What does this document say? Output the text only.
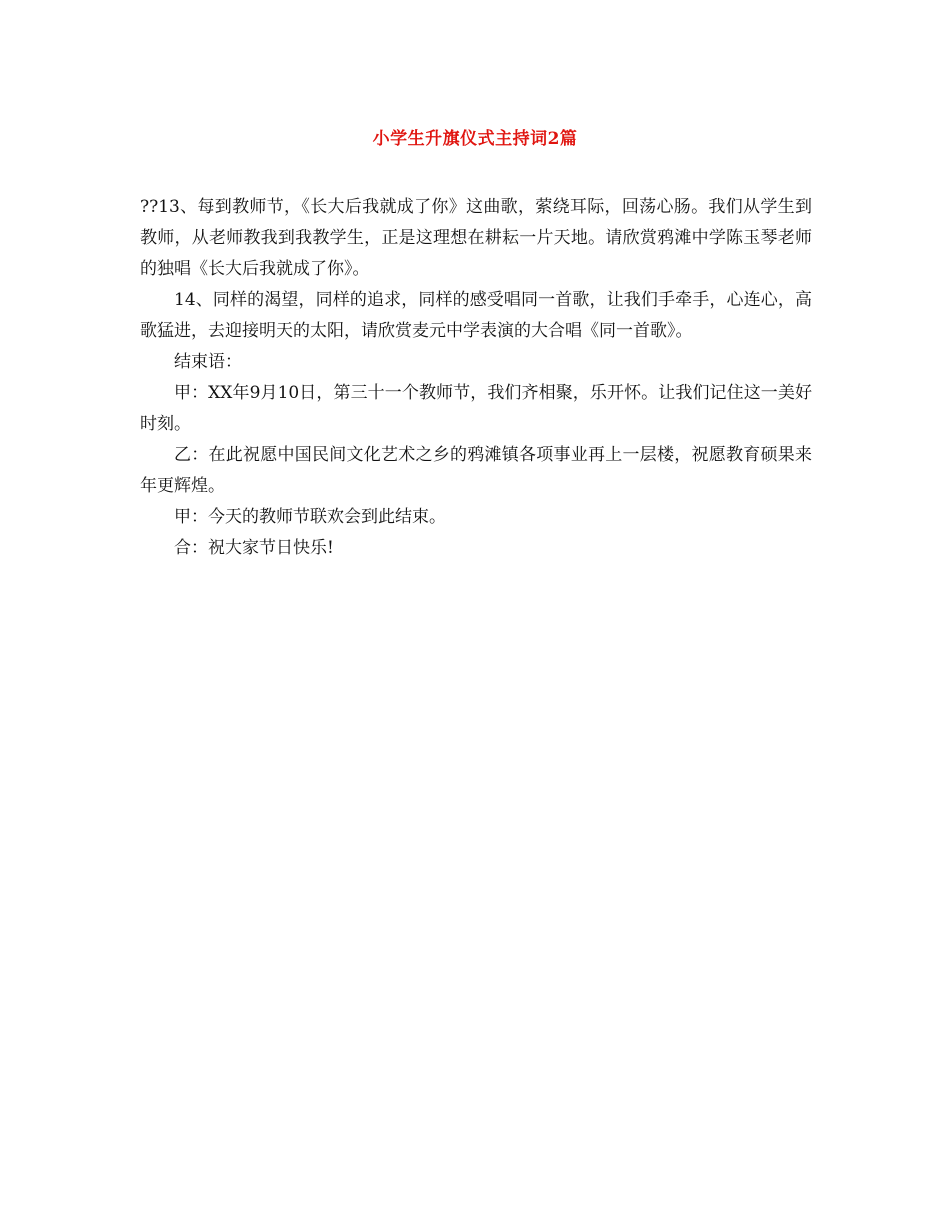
小学生升旗仪式主持词2篇

??13、每到教师节，《长大后我就成了你》这曲歌，萦绕耳际，回荡心肠。我们从学生到教师，从老师教我到我教学生，正是这理想在耕耘一片天地。请欣赏鸦滩中学陈玉琴老师的独唱《长大后我就成了你》。

14、同样的渴望，同样的追求，同样的感受唱同一首歌，让我们手牵手，心连心，高歌猛进，去迎接明天的太阳，请欣赏麦元中学表演的大合唱《同一首歌》。

结束语：

甲：XX年9月10日，第三十一个教师节，我们齐相聚，乐开怀。让我们记住这一美好时刻。

乙：在此祝愿中国民间文化艺术之乡的鸦滩镇各项事业再上一层楼，祝愿教育硕果来年更辉煌。

甲：今天的教师节联欢会到此结束。

合：祝大家节日快乐!
